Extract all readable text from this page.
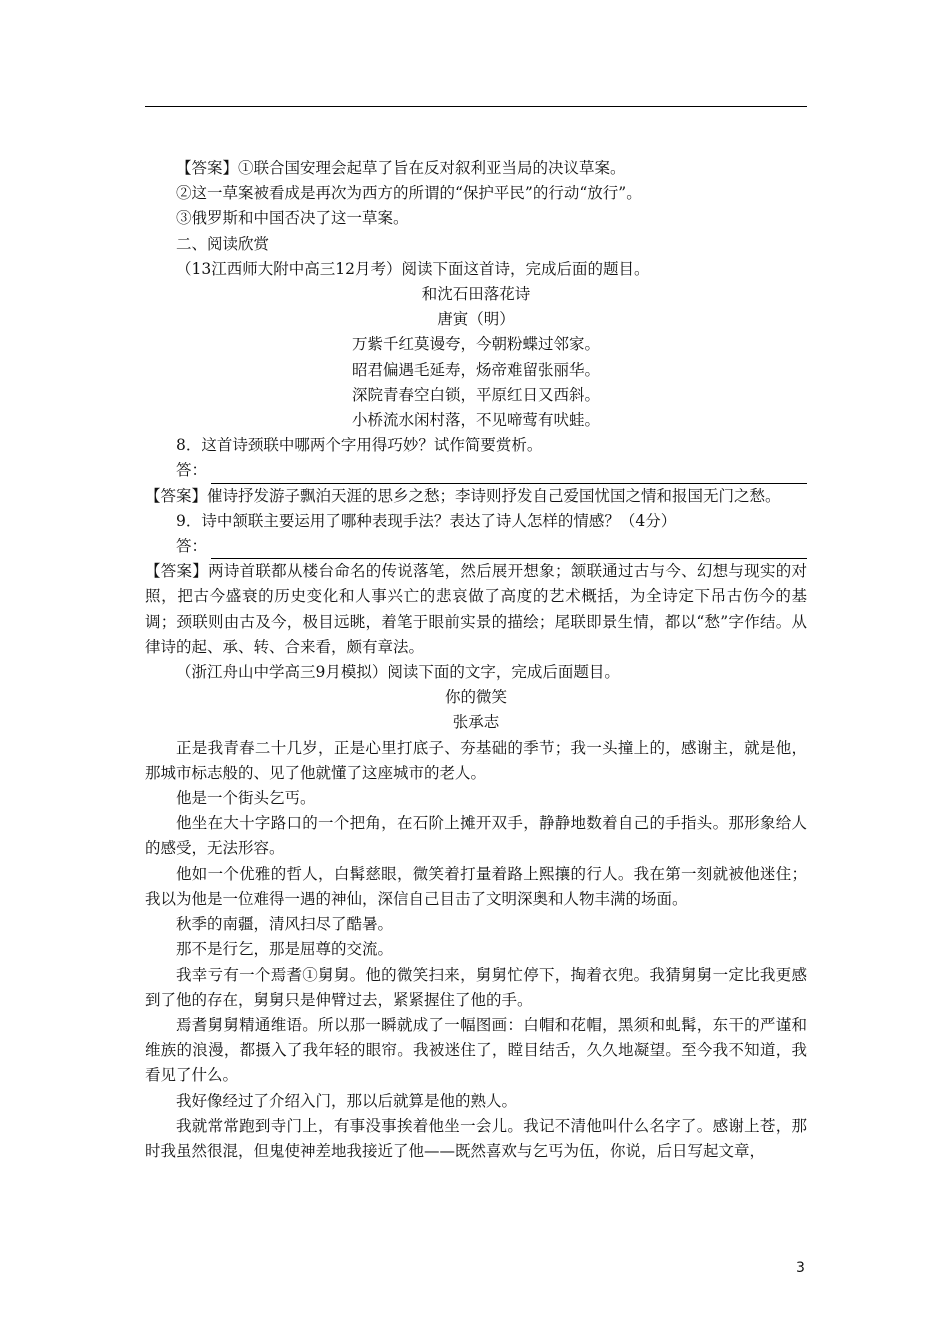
【答案】①联合国安理会起草了旨在反对叙利亚当局的决议草案。

②这一草案被看成是再次为西方的所谓的“保护平民”的行动“放行”。

③俄罗斯和中国否决了这一草案。

二、阅读欣赏

（13江西师大附中高三12月考）阅读下面这首诗，完成后面的题目。

和沈石田落花诗

唐寅（明）

万紫千红莫谩夸，今朝粉蝶过邻家。

昭君偏遇毛延寿，炀帝难留张丽华。

深院青春空白锁，平原红日又西斜。

小桥流水闲村落，不见啼莺有吠蛙。

8．这首诗颈联中哪两个字用得巧妙？试作简要赏析。

答：

【答案】催诗抒发游子飘泊天涯的思乡之愁；李诗则抒发自己爱国忧国之情和报国无门之愁。

9．诗中颔联主要运用了哪种表现手法？表达了诗人怎样的情感？（4分）

答：

【答案】两诗首联都从楼台命名的传说落笔，然后展开想象；颔联通过古与今、幻想与现实的对照，把古今盛衰的历史变化和人事兴亡的悲哀做了高度的艺术概括，为全诗定下吊古伤今的基调；颈联则由古及今，极目远眺，着笔于眼前实景的描绘；尾联即景生情，都以“愁”字作结。从律诗的起、承、转、合来看，颇有章法。

（浙江舟山中学高三9月模拟）阅读下面的文字，完成后面题目。

你的微笑

张承志

正是我青春二十几岁，正是心里打底子、夯基础的季节；我一头撞上的，感谢主，就是他，那城市标志般的、见了他就懂了这座城市的老人。

他是一个街头乞丐。

他坐在大十字路口的一个把角，在石阶上摊开双手，静静地数着自己的手指头。那形象给人的感受，无法形容。

他如一个优雅的哲人，白髯慈眼，微笑着打量着路上熙攘的行人。我在第一刻就被他迷住；我以为他是一位难得一遇的神仙，深信自己目击了文明深奥和人物丰满的场面。

秋季的南疆，清风扫尽了酷暑。

那不是行乞，那是屈尊的交流。

我幸亏有一个焉耆①舅舅。他的微笑扫来，舅舅忙停下，掏着衣兜。我猜舅舅一定比我更感到了他的存在，舅舅只是伸臂过去，紧紧握住了他的手。

焉耆舅舅精通维语。所以那一瞬就成了一幅图画：白帽和花帽，黑须和虬髯，东干的严谨和维族的浪漫，都摄入了我年轻的眼帘。我被迷住了，瞠目结舌，久久地凝望。至今我不知道，我看见了什么。

我好像经过了介绍入门，那以后就算是他的熟人。

我就常常跑到寺门上，有事没事挨着他坐一会儿。我记不清他叫什么名字了。感谢上苍，那时我虽然很混，但鬼使神差地我接近了他——既然喜欢与乞丐为伍，你说，后日写起文章，

3
